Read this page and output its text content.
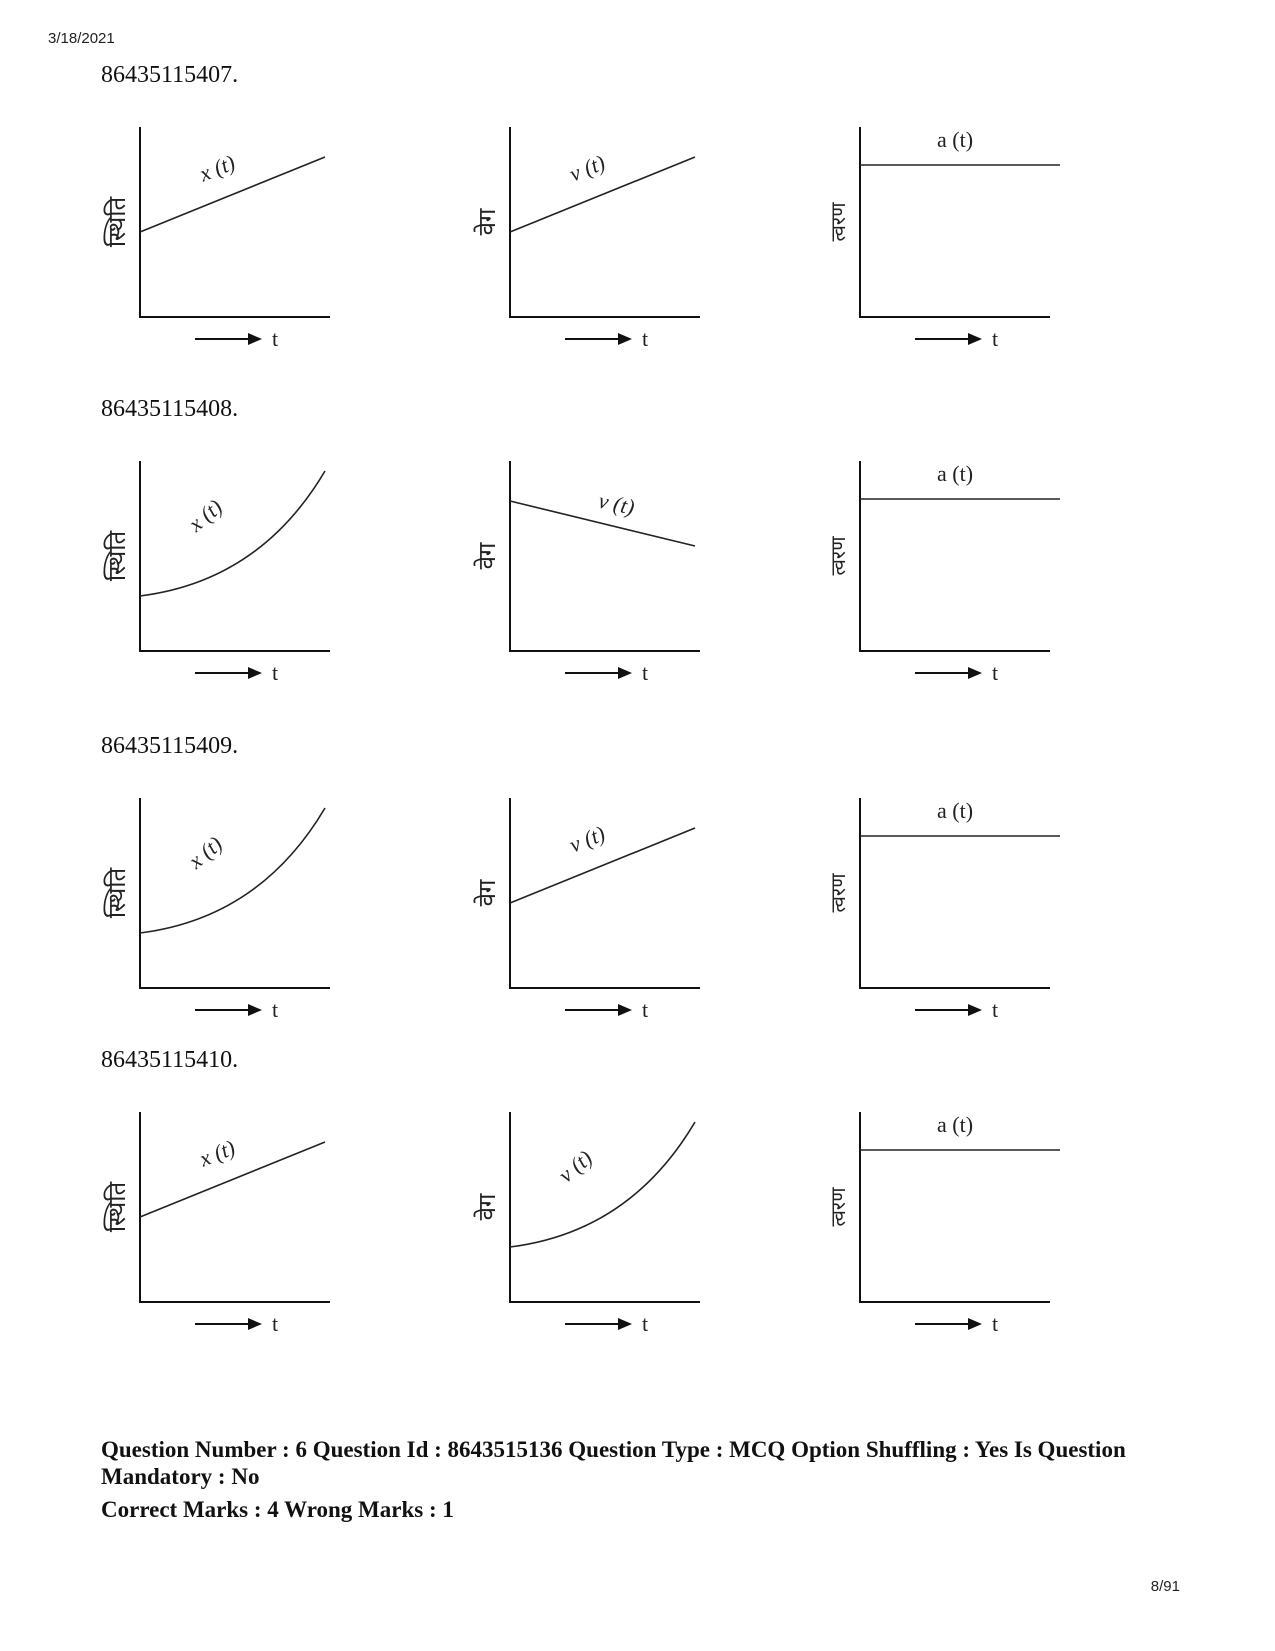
3/18/2021
86435115407.
t
स्थिति
x (t)
t
वेग
v (t)
t
त्वरण
a (t)
86435115408.
t
स्थिति
x (t)
t
वेग
v (t)
t
त्वरण
a (t)
86435115409.
t
स्थिति
x (t)
t
वेग
v (t)
t
त्वरण
a (t)
86435115410.
t
स्थिति
x (t)
t
वेग
v (t)
t
त्वरण
a (t)

Question Number : 6 Question Id : 8643515136 Question Type : MCQ Option Shuffling : Yes Is Question Mandatory : No

Correct Marks : 4 Wrong Marks : 1

8/91
